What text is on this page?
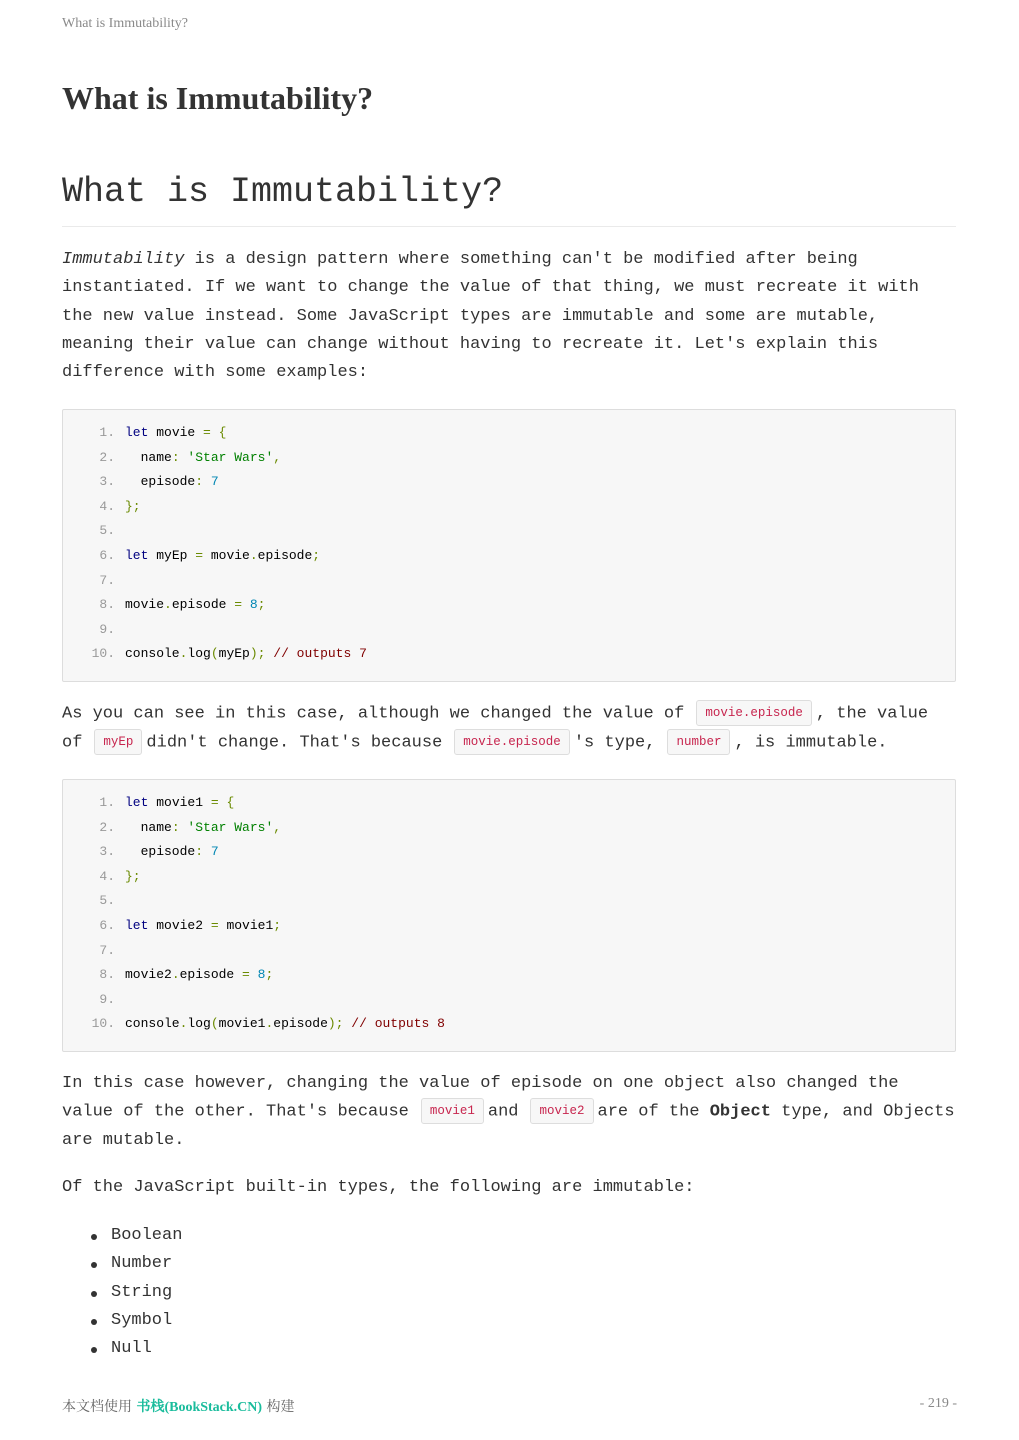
What is Immutability?
What is Immutability?
What is Immutability?

Immutability is a design pattern where something can't be modified after being instantiated. If we want to change the value of that thing, we must recreate it with the new value instead. Some JavaScript types are immutable and some are mutable, meaning their value can change without having to recreate it. Let's explain this difference with some examples:

1. let movie = {
2. name: 'Star Wars',
3. episode: 7
4. };
5.
6. let myEp = movie.episode;
7.
8. movie.episode = 8;
9.
10. console.log(myEp); // outputs 7

As you can see in this case, although we changed the value of movie.episode , the value of myEp didn't change. That's because movie.episode 's type, number , is immutable.

1. let movie1 = {
2. name: 'Star Wars',
3. episode: 7
4. };
5.
6. let movie2 = movie1;
7.
8. movie2.episode = 8;
9.
10. console.log(movie1.episode); // outputs 8

In this case however, changing the value of episode on one object also changed the value of the other. That's because movie1 and movie2 are of the Object type, and Objects are mutable.

Of the JavaScript built-in types, the following are immutable:

Boolean
Number
String
Symbol
Null
本文档使用 书栈(BookStack.CN) 构建	- 219 -
